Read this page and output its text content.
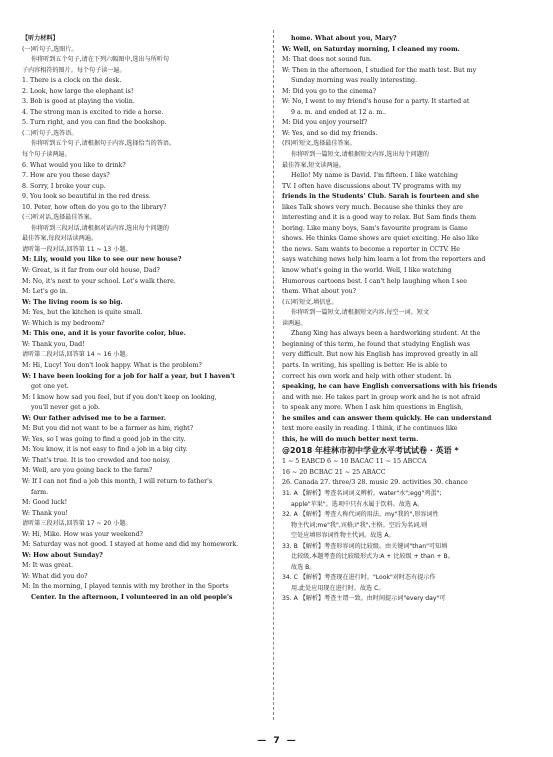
【听力材料】
(一)听句子,选图片。
你将听到五个句子,请在下列六幅图中,选出与所听句
子内容相符的图片。每个句子读一遍。
1. There is a clock on the desk.
2. Look, how large the elephant is!
3. Bob is good at playing the violin.
4. The strong man is excited to ride a horse.
5. Turn right, and you can find the bookshop.
(二)听句子,选答语。
你将听到五个句子,请根据句子内容,选择恰当的答语。
每个句子读两遍。
6. What would you like to drink?
7. How are you these days?
8. Sorry, I broke your cup.
9. You look so beautiful in the red dress.
10. Peter, how often do you go to the library?
(三)听对话,选择最佳答案。
你将听到三段对话,请根据对话内容,选出每个问题的
最佳答案,每段对话读两遍。
请听第一段对话,回答第 11 ~ 13 小题。
M: Lily, would you like to see our new house?
W: Great, is it far from our old house, Dad?
M: No, it's next to your school. Let's walk there.
M: Let's go in.
W: The living room is so big.
M: Yes, but the kitchen is quite small.
W: Which is my bedroom?
M: This one, and it is your favorite color, blue.
W: Thank you, Dad!
请听第二段对话,回答第 14 ~ 16 小题。
M: Hi, Lucy! You don't look happy. What is the problem?
W: I have been looking for a job for half a year, but I haven't
got one yet.
M: I know how sad you feel, but if you don't keep on looking,
you'll never get a job.
W: Our father advised me to be a farmer.
M: But you did not want to be a farmer as him, right?
W: Yes, so I was going to find a good job in the city.
M: You know, it is not easy to find a job in a big city.
W: That's true. It is too crowded and too noisy.
M: Well, are you going back to the farm?
W: If I can not find a job this month, I will return to father's
farm.
M: Good luck!
W: Thank you!
请听第三段对话,回答第 17 ~ 20 小题。
W: Hi, Mike. How was your weekend?
M: Saturday was not good. I stayed at home and did my homework.
W: How about Sunday?
M: It was great.
W: What did you do?
M: In the morning, I played tennis with my brother in the Sports
Center. In the afternoon, I volunteered in an old people's
home. What about you, Mary?
W: Well, on Saturday morning, I cleaned my room.
M: That does not sound fun.
W: Then in the afternoon, I studied for the math test. But my
Sunday morning was really interesting.
M: Did you go to the cinema?
W: No, I went to my friend's house for a party. It started at
9 a. m. and ended at 12 a. m..
M: Did you enjoy yourself?
W: Yes, and so did my friends.
(四)听短文,选择最佳答案。
你将听到一篇短文,请根据短文内容,选出每个问题的
最佳答案,短文读两遍。
Hello! My name is David. I'm fifteen. I like watching
TV. I often have discussions about TV programs with my
friends in the Students' Club. Sarah is fourteen and she
likes Talk shows very much. Because she thinks they are
interesting and it is a good way to relax. But Sam finds them
boring. Like many boys, Sam's favourite program is Game
shows. He thinks Game shows are quiet exciting. He also like
the news. Sam wants to become a reporter in CCTV. He
says watching news help him learn a lot from the reporters and
know what's going in the world. Well, I like watching
Humorous cartoons best. I can't help laughing when I see
them. What about you?
(五)听短文,填信息。
你将听到一篇短文,请根据短文内容,每空一词。短文
读两遍。
Zhang Xing has always been a hardworking student. At the
beginning of this term, he found that studying English was
very difficult. But now his English has improved greatly in all
parts. In writing, his spelling is better. He is able to
correct his own work and help with other student. In
speaking, he can have English conversations with his friends
and with me. He takes part in group work and he is not afraid
to speak any more. When I ask him questions in English,
he smiles and can answer them quickly. He can understand
text more easily in reading. I think, if he continues like
this, he will do much better next term.
@2018 年桂林市初中学业水平考试试卷 · 英语 *
1 ~ 5 EABCD 6 ~ 10 BACAC 11 ~ 15 ABCCA
16 ~ 20 BCBAC 21 ~ 25 ABACC
26. Canada 27. three/3 28. music 29. activities 30. chance
31. A 【解析】考查名词词义辨析。water"水";egg"鸡蛋";
apple"苹果"。选项中只有水属于饮料。故选 A。
32. A 【解析】考查人称代词的用法。my"我的",形容词性
物主代词;me"我",宾格;I"我",主格。空后为名词,则
空处应填形容词性物主代词。故选 A。
33. B 【解析】考查形容词的比较级。由关键词"than"可知填
比较级,本题考查的比较级形式为:A + 比较级 + than + B。
故选 B。
34. C 【解析】考查现在进行时。"Look"对时态有提示作
用,此处应用现在进行时。故选 C。
35. A 【解析】考查主谓一致。由时间提示词"every day"可
— 7 —
